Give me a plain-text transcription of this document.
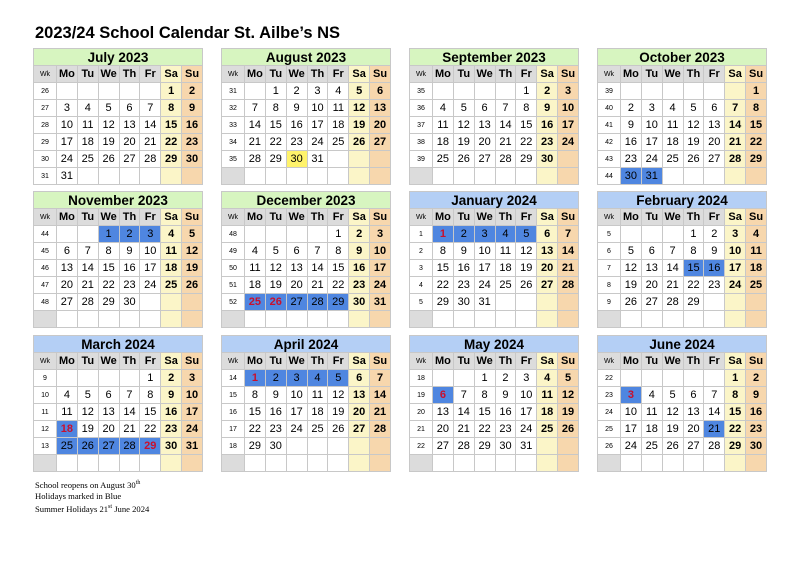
2023/24 School Calendar St. Ailbe’s NS
July 2023
Wk	Mo	Tu	We	Th	Fr	Sa	Su
26						1	2
27	3	4	5	6	7	8	9
28	10	11	12	13	14	15	16
29	17	18	19	20	21	22	23
30	24	25	26	27	28	29	30
31	31						
August 2023
Wk	Mo	Tu	We	Th	Fr	Sa	Su
31		1	2	3	4	5	6
32	7	8	9	10	11	12	13
33	14	15	16	17	18	19	20
34	21	22	23	24	25	26	27
35	28	29	30	31			

September 2023
Wk	Mo	Tu	We	Th	Fr	Sa	Su
35					1	2	3
36	4	5	6	7	8	9	10
37	11	12	13	14	15	16	17
38	18	19	20	21	22	23	24
39	25	26	27	28	29	30	

October 2023
Wk	Mo	Tu	We	Th	Fr	Sa	Su
39							1
40	2	3	4	5	6	7	8
41	9	10	11	12	13	14	15
42	16	17	18	19	20	21	22
43	23	24	25	26	27	28	29
44	30	31					
November 2023
Wk	Mo	Tu	We	Th	Fr	Sa	Su
44			1	2	3	4	5
45	6	7	8	9	10	11	12
46	13	14	15	16	17	18	19
47	20	21	22	23	24	25	26
48	27	28	29	30			

December 2023
Wk	Mo	Tu	We	Th	Fr	Sa	Su
48					1	2	3
49	4	5	6	7	8	9	10
50	11	12	13	14	15	16	17
51	18	19	20	21	22	23	24
52	25	26	27	28	29	30	31

January 2024
Wk	Mo	Tu	We	Th	Fr	Sa	Su
1	1	2	3	4	5	6	7
2	8	9	10	11	12	13	14
3	15	16	17	18	19	20	21
4	22	23	24	25	26	27	28
5	29	30	31				

February 2024
Wk	Mo	Tu	We	Th	Fr	Sa	Su
5				1	2	3	4
6	5	6	7	8	9	10	11
7	12	13	14	15	16	17	18
8	19	20	21	22	23	24	25
9	26	27	28	29			

March 2024
Wk	Mo	Tu	We	Th	Fr	Sa	Su
9					1	2	3
10	4	5	6	7	8	9	10
11	11	12	13	14	15	16	17
12	18	19	20	21	22	23	24
13	25	26	27	28	29	30	31

April 2024
Wk	Mo	Tu	We	Th	Fr	Sa	Su
14	1	2	3	4	5	6	7
15	8	9	10	11	12	13	14
16	15	16	17	18	19	20	21
17	22	23	24	25	26	27	28
18	29	30					

May 2024
Wk	Mo	Tu	We	Th	Fr	Sa	Su
18			1	2	3	4	5
19	6	7	8	9	10	11	12
20	13	14	15	16	17	18	19
21	20	21	22	23	24	25	26
22	27	28	29	30	31		

June 2024
Wk	Mo	Tu	We	Th	Fr	Sa	Su
22						1	2
23	3	4	5	6	7	8	9
24	10	11	12	13	14	15	16
25	17	18	19	20	21	22	23
26	24	25	26	27	28	29	30

School reopens on August 30th
Holidays marked in Blue
Summer Holidays 21st June 2024
